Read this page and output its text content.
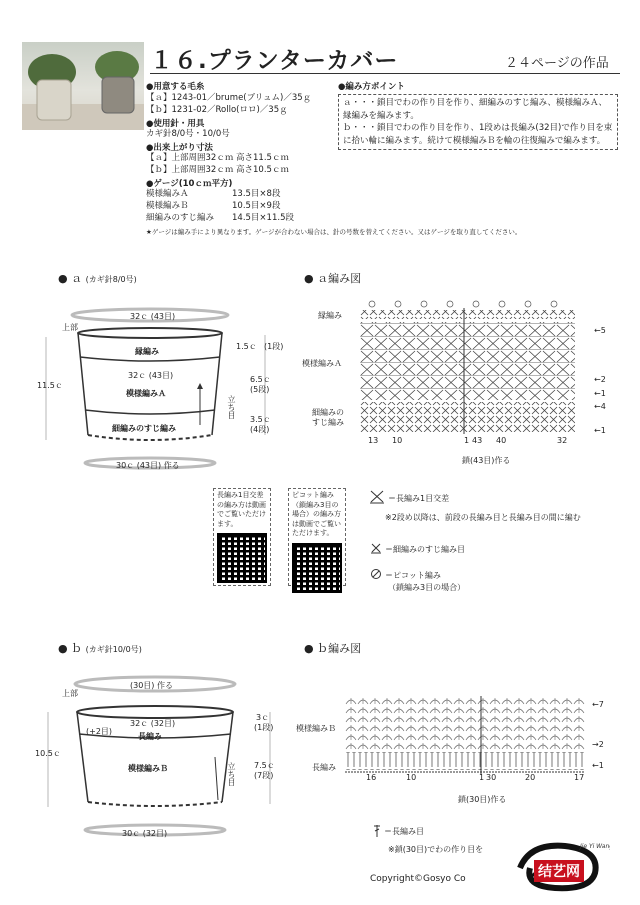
１６.プランターカバー	２４ページの作品
●用意する毛糸
【ａ】1243-01／brume(ブリュム)／35ｇ
【ｂ】1231-02／Rollo(ロロ)／35ｇ
●使用針・用具
カギ針8/0号・10/0号
●出来上がり寸法
【ａ】上部周囲32ｃｍ 高さ11.5ｃｍ
【ｂ】上部周囲32ｃｍ 高さ10.5ｃｍ
●ゲージ(10ｃｍ平方)
模様編みＡ	13.5目×8段
模様編みＢ	10.5目×9段
細編みのすじ編み 14.5目×11.5段
★ゲージは編み手により異なります。ゲージが合わない場合は、針の号数を替えてください。又はゲージを取り直してください。
●編み方ポイント
ａ・・・鎖目でわの作り目を作り、細編みのすじ編み、模様編みＡ、縁編みを編みます。
ｂ・・・鎖目でわの作り目を作り、1段めは長編み(32目)で作り目を束に拾い輪に編みます。続けて模様編みＢを輪の往復編みで編みます。
● ａ (カギ針8/0号)	● ａ編み図
上部
32ｃ (43目)
11.5ｃ
縁編み
32ｃ (43目)
模様編みＡ
細編みのすじ編み
30ｃ (43目) 作る
1.5ｃ (1段)
6.5ｃ
(5段)
3.5ｃ
(4段)
立ち目
縁編み
模様編みＡ
細編みの
すじ編み
←5
←2
←1
←4
←1
13 10	1 43 40	32
鎖(43目)作る
長編み1目交差の編み方は動画でご覧いただけます。
ピコット編み（鎖編み3目の場合）の編み方は動画でご覧いただけます。
＝長編み1目交差
※2段め以降は、前段の長編み目と長編み目の間に編む
＝細編みのすじ編み目
＝ピコット編み
（鎖編み3目の場合）
● ｂ (カギ針10/0号)	● ｂ編み図
上部
(30目) 作る
(+2目)
32ｃ (32目)
長編み
模様編みＢ
10.5ｃ
30ｃ (32目)
3ｃ
(1段)
7.5ｃ
(7段)
立ち目
模様編みＢ
長編み
←7
→2
←1
16	10	1 30	20	17
鎖(30目)作る
＝長編み目
※鎖(30目)でわの作り目を
Copyright©Gosyo Co
Jie Yi Wang
结艺网
